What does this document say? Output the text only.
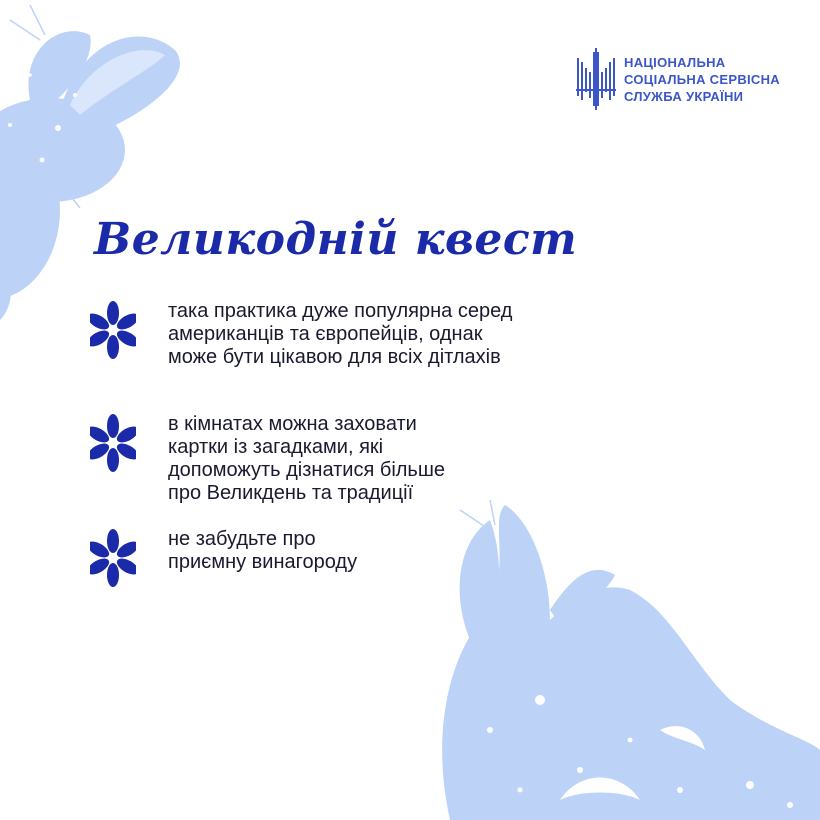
НАЦІОНАЛЬНА
СОЦІАЛЬНА СЕРВІСНА
СЛУЖБА УКРАЇНИ
Великодній квест
така практика дуже популярна серед
американців та європейців, однак
може бути цікавою для всіх дітлахів
в кімнатах можна заховати
картки із загадками, які
допоможуть дізнатися більше
про Великдень та традиції
не забудьте про
приємну винагороду
